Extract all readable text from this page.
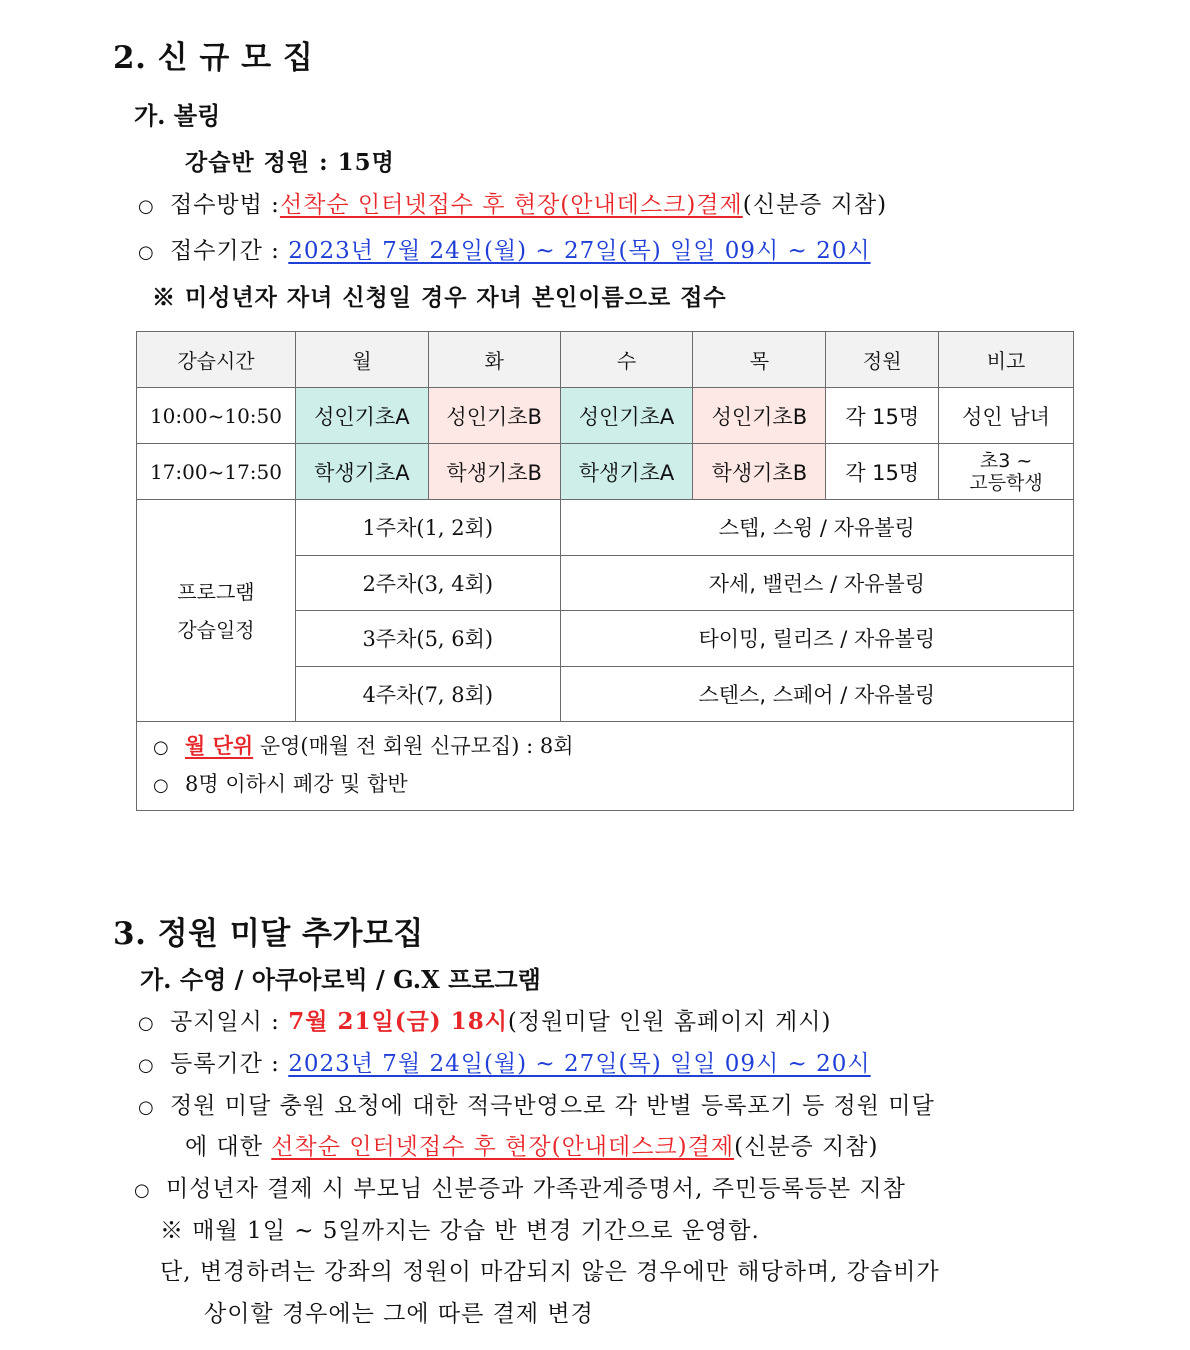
2. 신 규 모 집
가. 볼링
강습반 정원 : 15명
○ 접수방법 :선착순 인터넷접수 후 현장(안내데스크)결제(신분증 지참)
○ 접수기간 : 2023년 7월 24일(월) ~ 27일(목) 일일 09시 ~ 20시
※ 미성년자 자녀 신청일 경우 자녀 본인이름으로 접수
강습시간	월	화	수	목	정원	비고
10:00~10:50	성인기초A	성인기초B	성인기초A	성인기초B	각 15명	성인 남녀
17:00~17:50	학생기초A	학생기초B	학생기초A	학생기초B	각 15명	초3 ~
고등학생

프로그램
강습일정	1주차(1, 2회)		스텝, 스윙 / 자유볼링			
	2주차(3, 4회)		자세, 밸런스 / 자유볼링			
	3주차(5, 6회)		타이밍, 릴리즈 / 자유볼링			
	4주차(7, 8회)		스텐스, 스페어 / 자유볼링			

○ 월 단위 운영(매월 전 회원 신규모집) : 8회
○ 8명 이하시 폐강 및 합반						
3. 정원 미달 추가모집
가. 수영 / 아쿠아로빅 / G.X 프로그램
○ 공지일시 : 7월 21일(금) 18시(정원미달 인원 홈페이지 게시)
○ 등록기간 : 2023년 7월 24일(월) ~ 27일(목) 일일 09시 ~ 20시
○ 정원 미달 충원 요청에 대한 적극반영으로 각 반별 등록포기 등 정원 미달
에 대한 선착순 인터넷접수 후 현장(안내데스크)결제(신분증 지참)
○ 미성년자 결제 시 부모님 신분증과 가족관계증명서, 주민등록등본 지참
※ 매월 1일 ~ 5일까지는 강습 반 변경 기간으로 운영함.
단, 변경하려는 강좌의 정원이 마감되지 않은 경우에만 해당하며, 강습비가
상이할 경우에는 그에 따른 결제 변경
